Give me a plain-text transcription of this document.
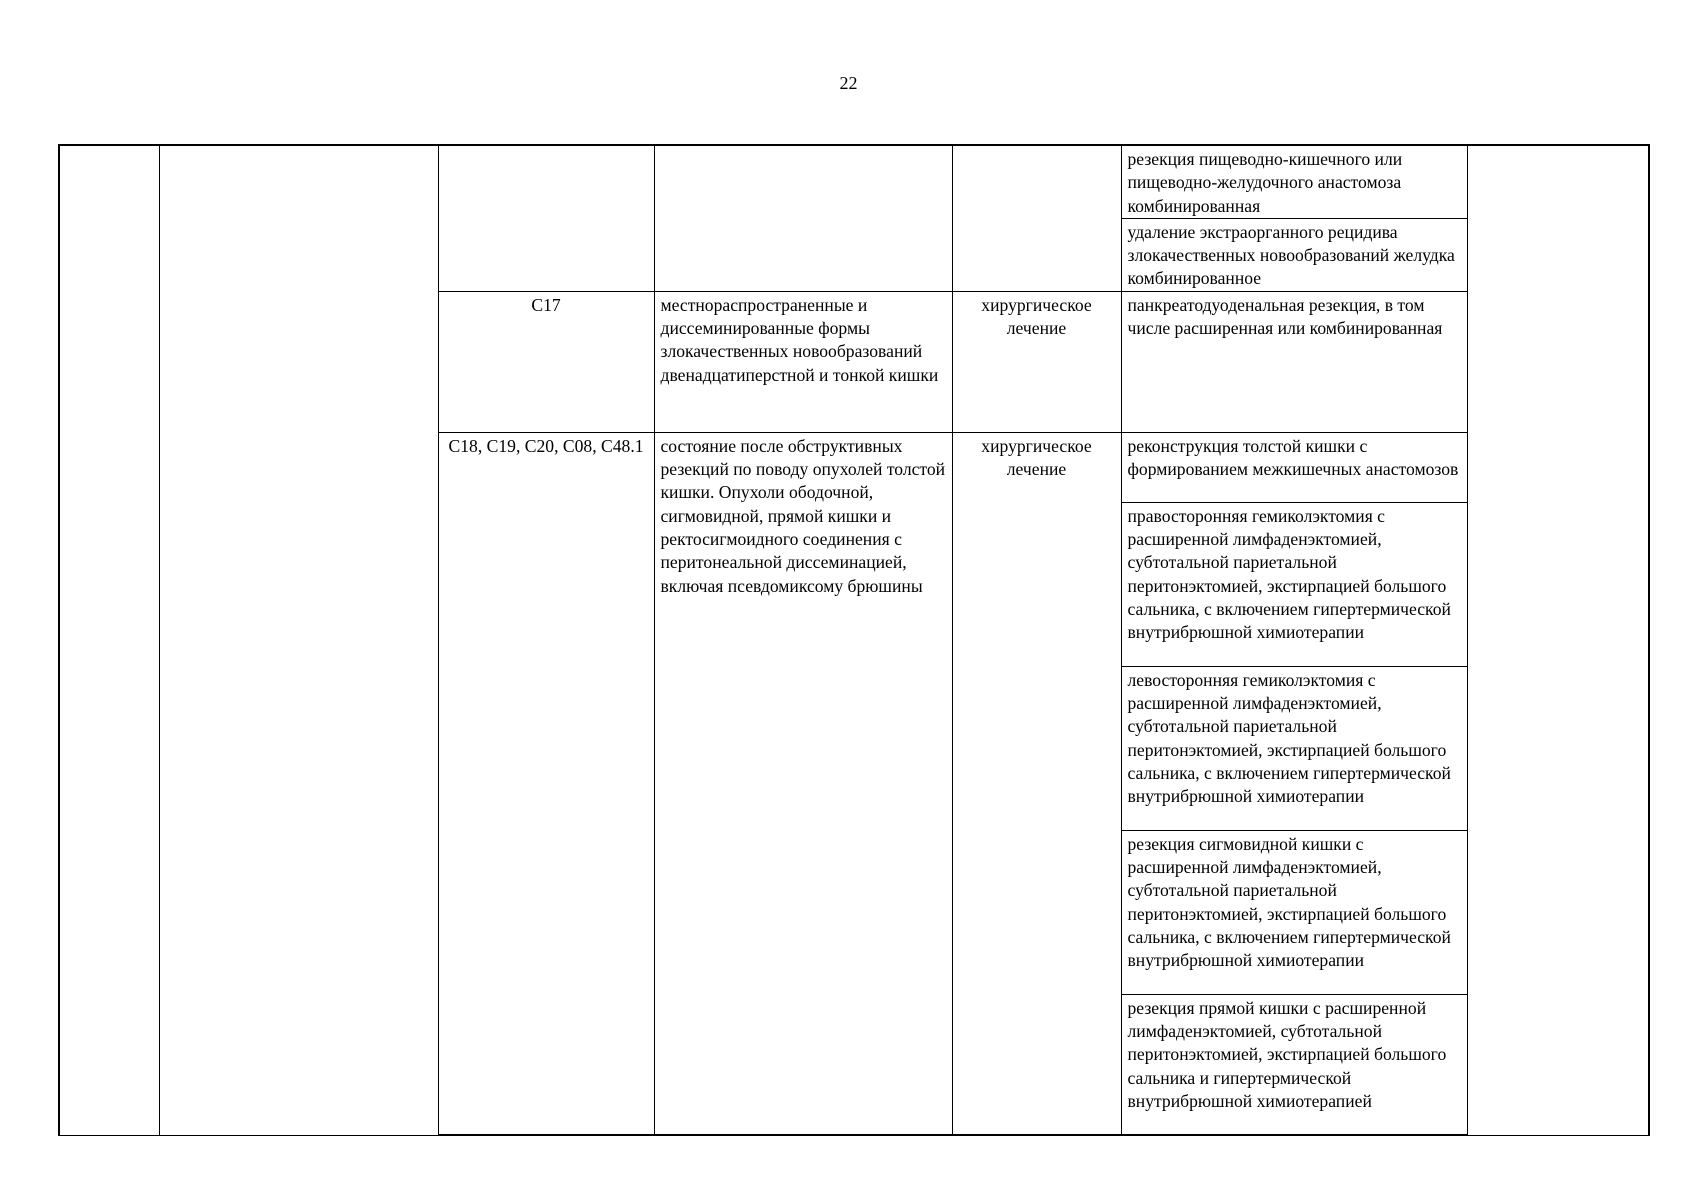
22
					резекция пищеводно-кишечного или пищеводно-желудочного анастомоза комбинированная	
					удаление экстраорганного рецидива злокачественных новообразований желудка комбинированное	
		C17	местнораспространенные и диссеминированные формы злокачественных новообразований двенадцатиперстной и тонкой кишки	хирургическое лечение	панкреатодуоденальная резекция, в том числе расширенная или комбинированная	
		C18, C19, C20, C08, C48.1	состояние после обструктивных резекций по поводу опухолей толстой кишки. Опухоли ободочной, сигмовидной, прямой кишки и ректосигмоидного соединения с перитонеальной диссеминацией, включая псевдомиксому брюшины	хирургическое лечение	реконструкция толстой кишки с формированием межкишечных анастомозов	
					правосторонняя гемиколэктомия с расширенной лимфаденэктомией, субтотальной париетальной перитонэктомией, экстирпацией большого сальника, с включением гипертермической внутрибрюшной химиотерапии	
					левосторонняя гемиколэктомия с расширенной лимфаденэктомией, субтотальной париетальной перитонэктомией, экстирпацией большого сальника, с включением гипертермической внутрибрюшной химиотерапии	
					резекция сигмовидной кишки с расширенной лимфаденэктомией, субтотальной париетальной перитонэктомией, экстирпацией большого сальника, с включением гипертермической внутрибрюшной химиотерапии	
					резекция прямой кишки с расширенной лимфаденэктомией, субтотальной перитонэктомией, экстирпацией большого сальника и гипертермической внутрибрюшной химиотерапией	
